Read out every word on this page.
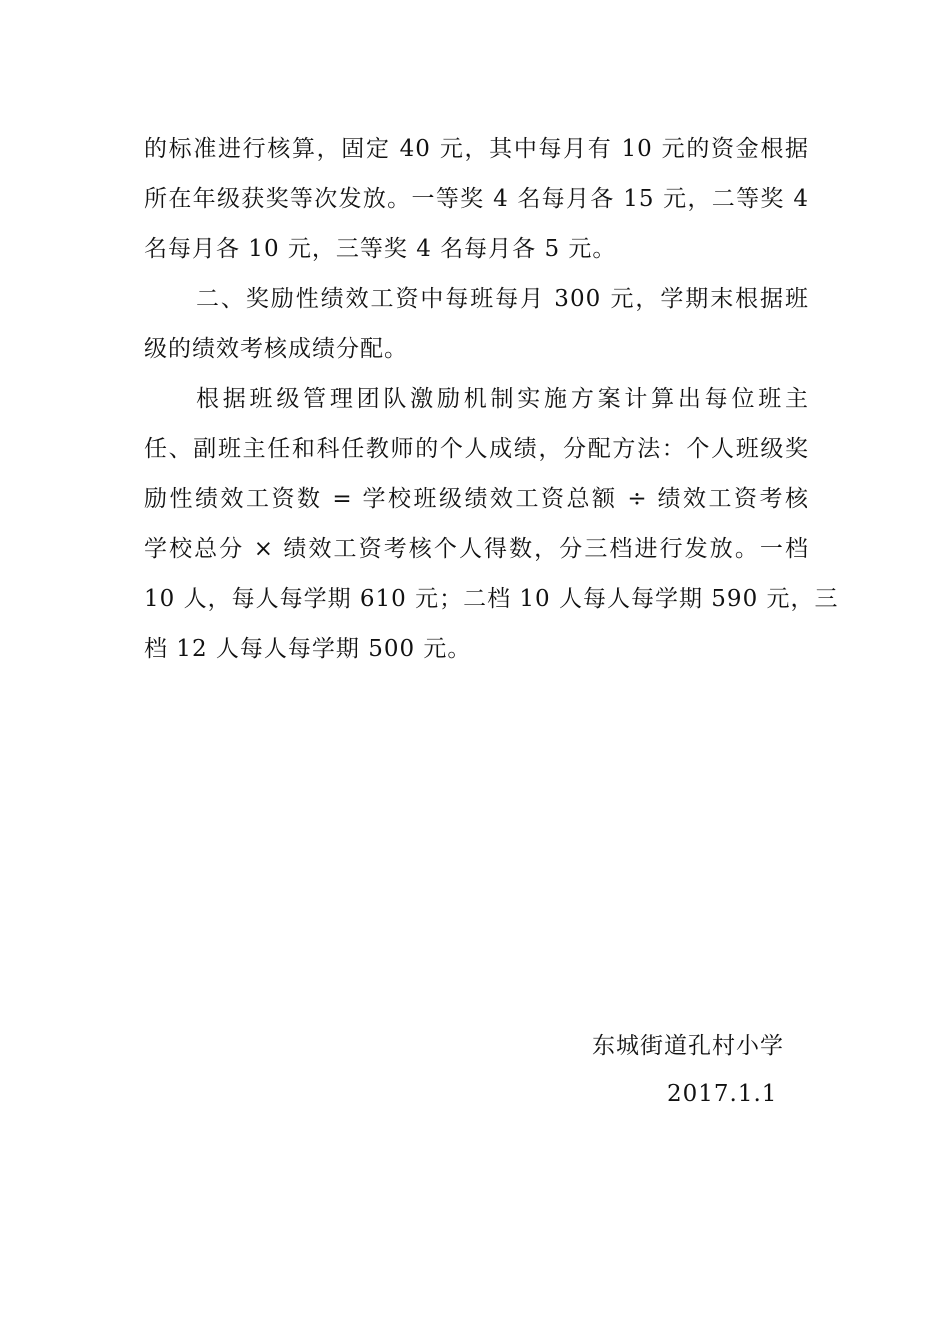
的标准进行核算，固定 40 元，其中每月有 10 元的资金根据
所在年级获奖等次发放。一等奖 4 名每月各 15 元，二等奖 4
名每月各 10 元，三等奖 4 名每月各 5 元。
二、奖励性绩效工资中每班每月 300 元，学期末根据班
级的绩效考核成绩分配。
根据班级管理团队激励机制实施方案计算出每位班主
任、副班主任和科任教师的个人成绩，分配方法：个人班级奖
励性绩效工资数 = 学校班级绩效工资总额 ÷ 绩效工资考核
学校总分 × 绩效工资考核个人得数，分三档进行发放。一档
10 人，每人每学期 610 元；二档 10 人每人每学期 590 元，三
档 12 人每人每学期 500 元。
东城街道孔村小学
2017.1.1
